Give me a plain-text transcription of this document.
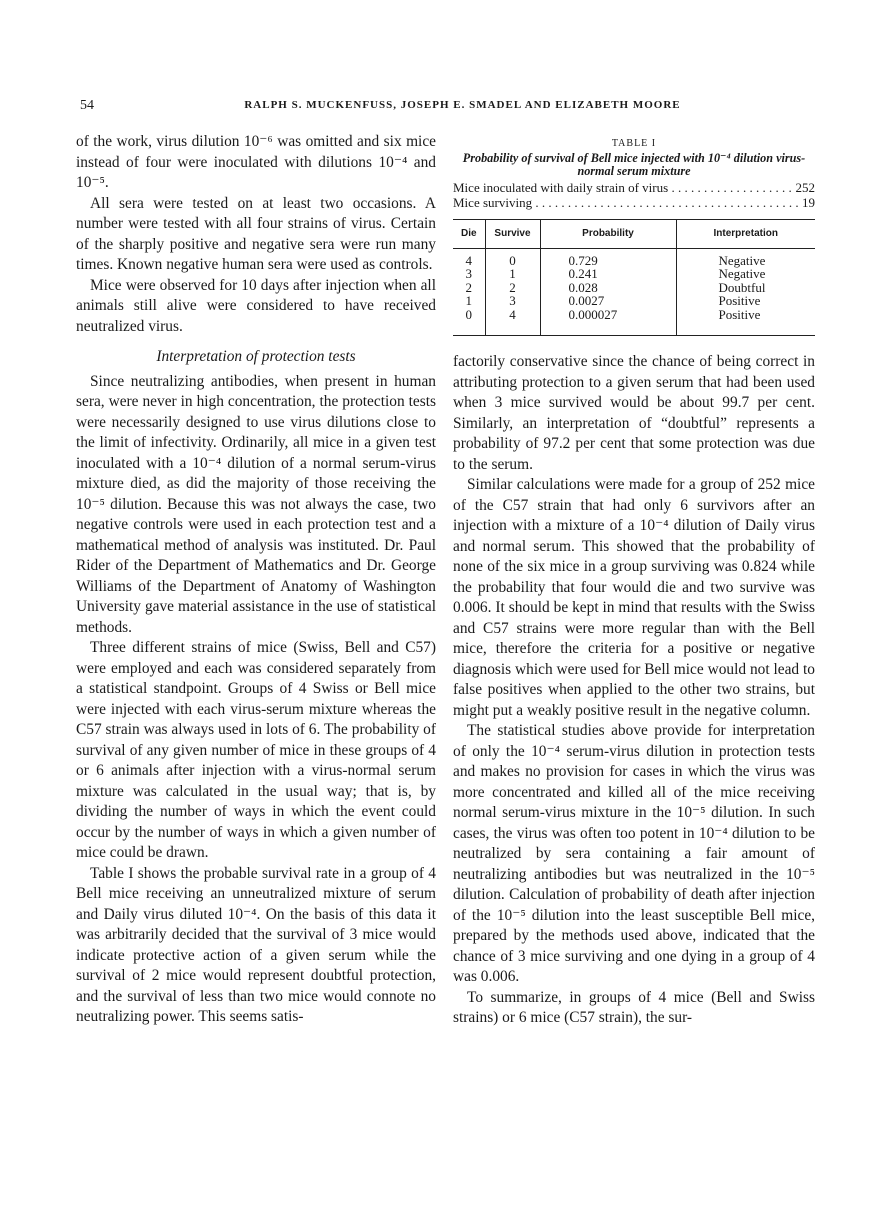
54	RALPH S. MUCKENFUSS, JOSEPH E. SMADEL AND ELIZABETH MOORE

of the work, virus dilution 10⁻⁶ was omitted and six mice instead of four were inoculated with dilutions 10⁻⁴ and 10⁻⁵.

All sera were tested on at least two occasions. A number were tested with all four strains of virus. Certain of the sharply positive and negative sera were run many times. Known negative human sera were used as controls.

Mice were observed for 10 days after injection when all animals still alive were considered to have received neutralized virus.

Interpretation of protection tests

Since neutralizing antibodies, when present in human sera, were never in high concentration, the protection tests were necessarily designed to use virus dilutions close to the limit of infectivity. Ordinarily, all mice in a given test inoculated with a 10⁻⁴ dilution of a normal serum-virus mixture died, as did the majority of those receiving the 10⁻⁵ dilution. Because this was not always the case, two negative controls were used in each protection test and a mathematical method of analysis was instituted. Dr. Paul Rider of the Department of Mathematics and Dr. George Williams of the Department of Anatomy of Washington University gave material assistance in the use of statistical methods.

Three different strains of mice (Swiss, Bell and C57) were employed and each was considered separately from a statistical standpoint. Groups of 4 Swiss or Bell mice were injected with each virus-serum mixture whereas the C57 strain was always used in lots of 6. The probability of survival of any given number of mice in these groups of 4 or 6 animals after injection with a virus-normal serum mixture was calculated in the usual way; that is, by dividing the number of ways in which the event could occur by the number of ways in which a given number of mice could be drawn.

Table I shows the probable survival rate in a group of 4 Bell mice receiving an unneutralized mixture of serum and Daily virus diluted 10⁻⁴. On the basis of this data it was arbitrarily decided that the survival of 3 mice would indicate protective action of a given serum while the survival of 2 mice would represent doubtful protection, and the survival of less than two mice would connote no neutralizing power. This seems satis-

TABLE I

Probability of survival of Bell mice injected with 10⁻⁴ dilution virus-normal serum mixture

Mice inoculated with daily strain of virus . . .	252
Mice surviving . . .	19
Die	Survive	Probability	Interpretation
4	0	0.729	Negative
3	1	0.241	Negative
2	2	0.028	Doubtful
1	3	0.0027	Positive
0	4	0.000027	Positive

factorily conservative since the chance of being correct in attributing protection to a given serum that had been used when 3 mice survived would be about 99.7 per cent. Similarly, an interpretation of “doubtful” represents a probability of 97.2 per cent that some protection was due to the serum.

Similar calculations were made for a group of 252 mice of the C57 strain that had only 6 survivors after an injection with a mixture of a 10⁻⁴ dilution of Daily virus and normal serum. This showed that the probability of none of the six mice in a group surviving was 0.824 while the probability that four would die and two survive was 0.006. It should be kept in mind that results with the Swiss and C57 strains were more regular than with the Bell mice, therefore the criteria for a positive or negative diagnosis which were used for Bell mice would not lead to false positives when applied to the other two strains, but might put a weakly positive result in the negative column.

The statistical studies above provide for interpretation of only the 10⁻⁴ serum-virus dilution in protection tests and makes no provision for cases in which the virus was more concentrated and killed all of the mice receiving normal serum-virus mixture in the 10⁻⁵ dilution. In such cases, the virus was often too potent in 10⁻⁴ dilution to be neutralized by sera containing a fair amount of neutralizing antibodies but was neutralized in the 10⁻⁵ dilution. Calculation of probability of death after injection of the 10⁻⁵ dilution into the least susceptible Bell mice, prepared by the methods used above, indicated that the chance of 3 mice surviving and one dying in a group of 4 was 0.006.

To summarize, in groups of 4 mice (Bell and Swiss strains) or 6 mice (C57 strain), the sur-
